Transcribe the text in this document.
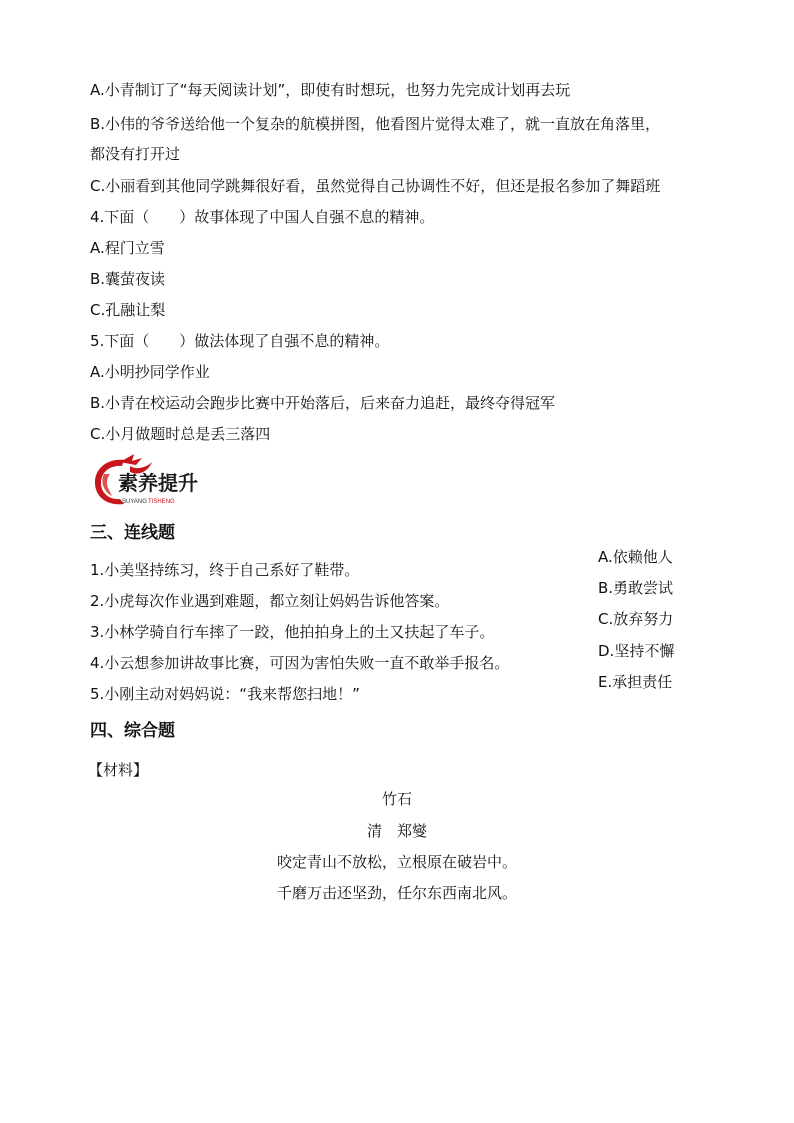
A.小青制订了“每天阅读计划”，即使有时想玩，也努力先完成计划再去玩
B.小伟的爷爷送给他一个复杂的航模拼图，他看图片觉得太难了，就一直放在角落里，
都没有打开过
C.小丽看到其他同学跳舞很好看，虽然觉得自己协调性不好，但还是报名参加了舞蹈班
4.下面（　　）故事体现了中国人自强不息的精神。
A.程门立雪
B.囊萤夜读
C.孔融让梨
5.下面（　　）做法体现了自强不息的精神。
A.小明抄同学作业
B.小青在校运动会跑步比赛中开始落后，后来奋力追赶，最终夺得冠军
C.小月做题时总是丢三落四
素养提升
SUYANG TISHENG
三、连线题
1.小美坚持练习，终于自己系好了鞋带。
2.小虎每次作业遇到难题，都立刻让妈妈告诉他答案。
3.小林学骑自行车摔了一跤，他拍拍身上的土又扶起了车子。
4.小云想参加讲故事比赛，可因为害怕失败一直不敢举手报名。
5.小刚主动对妈妈说：“我来帮您扫地！”
A.依赖他人
B.勇敢尝试
C.放弃努力
D.坚持不懈
E.承担责任
四、综合题
【材料】
竹石
清　郑燮
咬定青山不放松，立根原在破岩中。
千磨万击还坚劲，任尔东西南北风。
